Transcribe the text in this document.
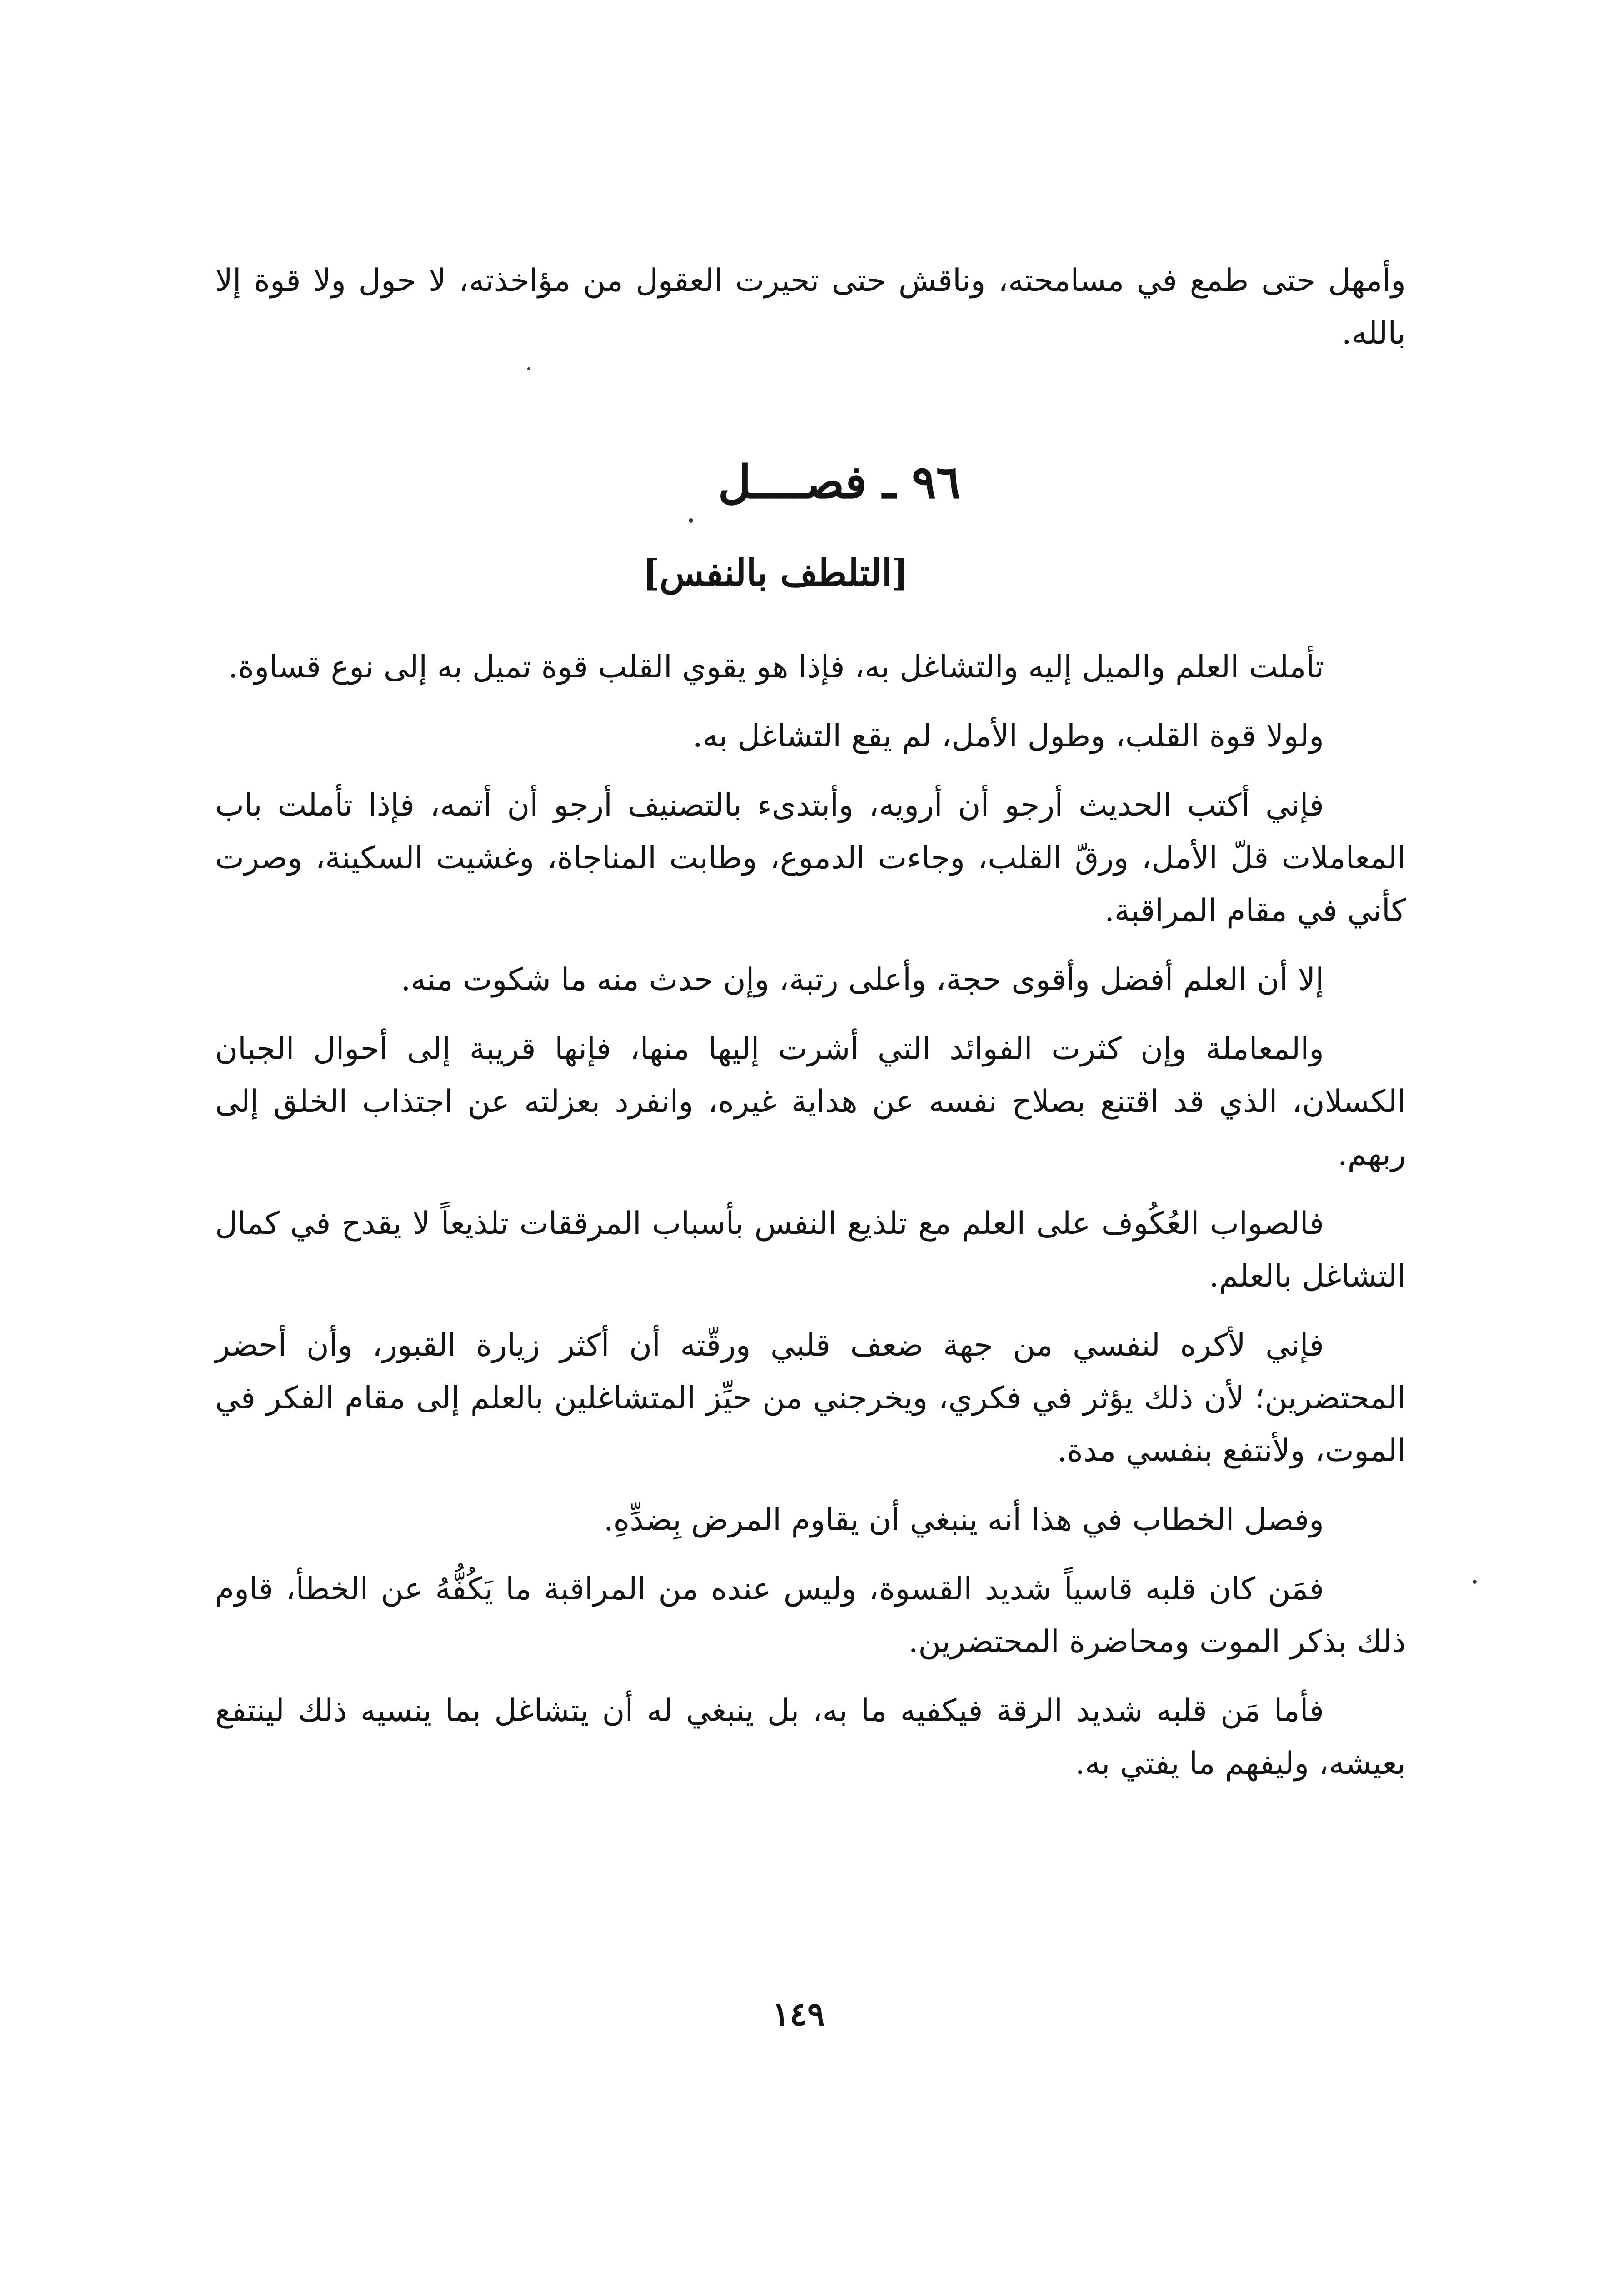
وأمهل حتى طمع في مسامحته، وناقش حتى تحيرت العقول من مؤاخذته، لا حول ولا قوة إلا بالله.

٩٦ ـ فصــــل
[التلطف بالنفس]

تأملت العلم والميل إليه والتشاغل به، فإذا هو يقوي القلب قوة تميل به إلى نوع قساوة.

ولولا قوة القلب، وطول الأمل، لم يقع التشاغل به.

فإني أكتب الحديث أرجو أن أرويه، وأبتدىء بالتصنيف أرجو أن أتمه، فإذا تأملت باب المعاملات قلّ الأمل، ورقّ القلب، وجاءت الدموع، وطابت المناجاة، وغشيت السكينة، وصرت كأني في مقام المراقبة.

إلا أن العلم أفضل وأقوى حجة، وأعلى رتبة، وإن حدث منه ما شكوت منه.

والمعاملة وإن كثرت الفوائد التي أشرت إليها منها، فإنها قريبة إلى أحوال الجبان الكسلان، الذي قد اقتنع بصلاح نفسه عن هداية غيره، وانفرد بعزلته عن اجتذاب الخلق إلى ربهم.

فالصواب العُكُوف على العلم مع تلذيع النفس بأسباب المرققات تلذيعاً لا يقدح في كمال التشاغل بالعلم.

فإني لأكره لنفسي من جهة ضعف قلبي ورقّته أن أكثر زيارة القبور، وأن أحضر المحتضرين؛ لأن ذلك يؤثر في فكري، ويخرجني من حيِّز المتشاغلين بالعلم إلى مقام الفكر في الموت، ولأنتفع بنفسي مدة.

وفصل الخطاب في هذا أنه ينبغي أن يقاوم المرض بِضدِّهِ.

فمَن كان قلبه قاسياً شديد القسوة، وليس عنده من المراقبة ما يَكُفُّهُ عن الخطأ، قاوم ذلك بذكر الموت ومحاضرة المحتضرين.

فأما مَن قلبه شديد الرقة فيكفيه ما به، بل ينبغي له أن يتشاغل بما ينسيه ذلك لينتفع بعيشه، وليفهم ما يفتي به.

١٤٩
